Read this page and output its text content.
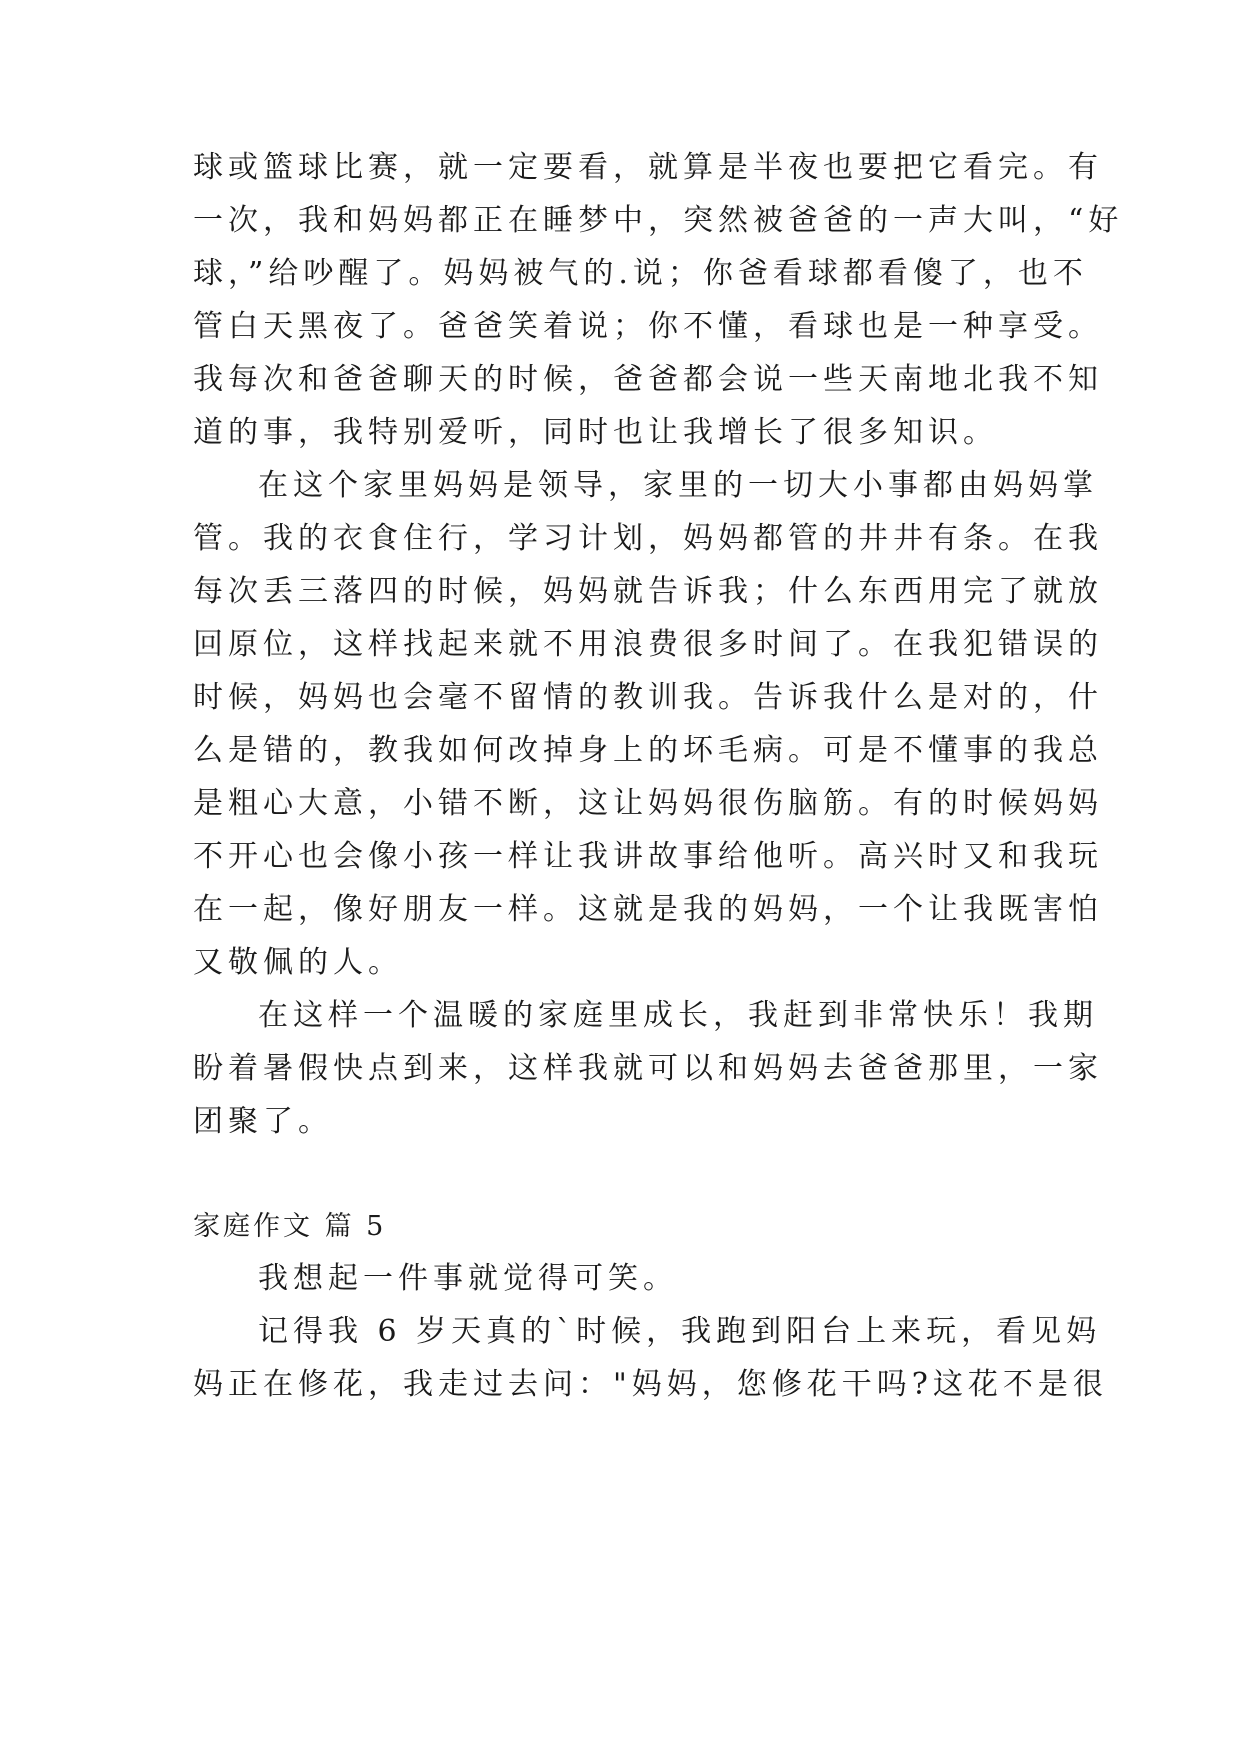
球或篮球比赛，就一定要看，就算是半夜也要把它看完。有
一次，我和妈妈都正在睡梦中，突然被爸爸的一声大叫，“好
球，”给吵醒了。妈妈被气的.说；你爸看球都看傻了，也不
管白天黑夜了。爸爸笑着说；你不懂，看球也是一种享受。
我每次和爸爸聊天的时候，爸爸都会说一些天南地北我不知
道的事，我特别爱听，同时也让我增长了很多知识。
在这个家里妈妈是领导，家里的一切大小事都由妈妈掌
管。我的衣食住行，学习计划，妈妈都管的井井有条。在我
每次丢三落四的时候，妈妈就告诉我；什么东西用完了就放
回原位，这样找起来就不用浪费很多时间了。在我犯错误的
时候，妈妈也会毫不留情的教训我。告诉我什么是对的，什
么是错的，教我如何改掉身上的坏毛病。可是不懂事的我总
是粗心大意，小错不断，这让妈妈很伤脑筋。有的时候妈妈
不开心也会像小孩一样让我讲故事给他听。高兴时又和我玩
在一起，像好朋友一样。这就是我的妈妈，一个让我既害怕
又敬佩的人。
在这样一个温暖的家庭里成长，我赶到非常快乐！我期
盼着暑假快点到来，这样我就可以和妈妈去爸爸那里，一家
团聚了。
家庭作文 篇 5
我想起一件事就觉得可笑。
记得我 6 岁天真的`时候，我跑到阳台上来玩，看见妈
妈正在修花，我走过去问："妈妈，您修花干吗?这花不是很
